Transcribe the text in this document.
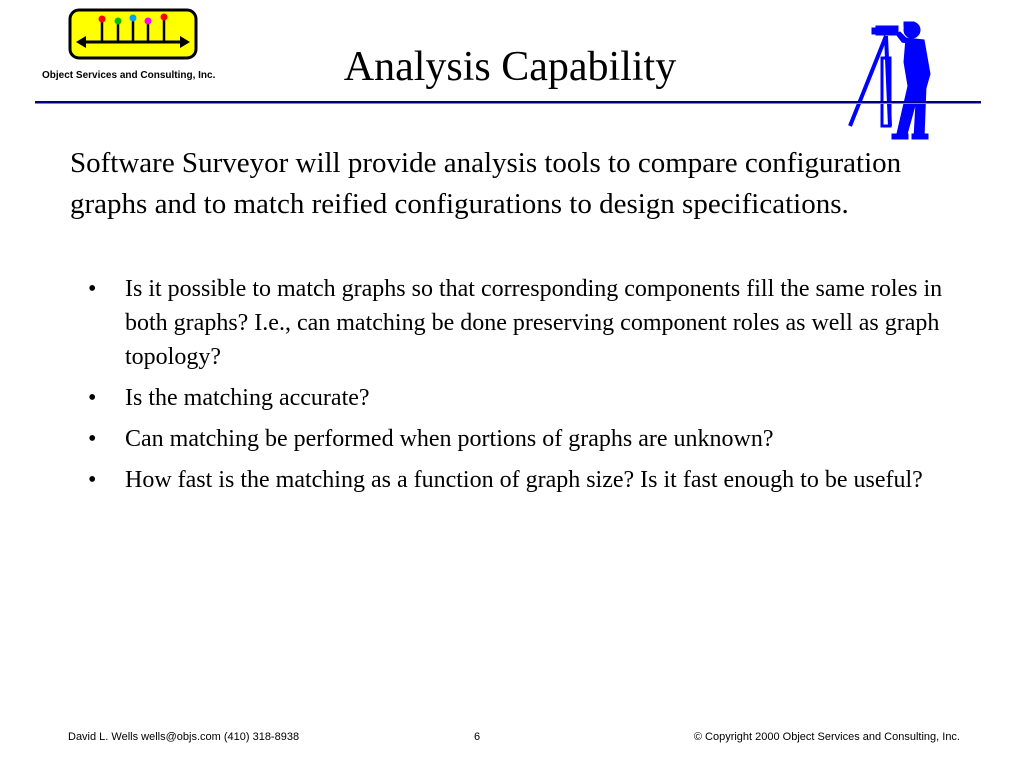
Object Services and Consulting, Inc.	Analysis Capability
Software Surveyor will provide analysis tools to compare configuration graphs and to match reified configurations to design specifications.
• Is it possible to match graphs so that corresponding components fill the same roles in both graphs? I.e., can matching be done preserving component roles as well as graph topology?
• Is the matching accurate?
• Can matching be performed when portions of graphs are unknown?
• How fast is the matching as a function of graph size? Is it fast enough to be useful?
David L. Wells wells@objs.com (410) 318-8938	6	© Copyright 2000 Object Services and Consulting, Inc.
